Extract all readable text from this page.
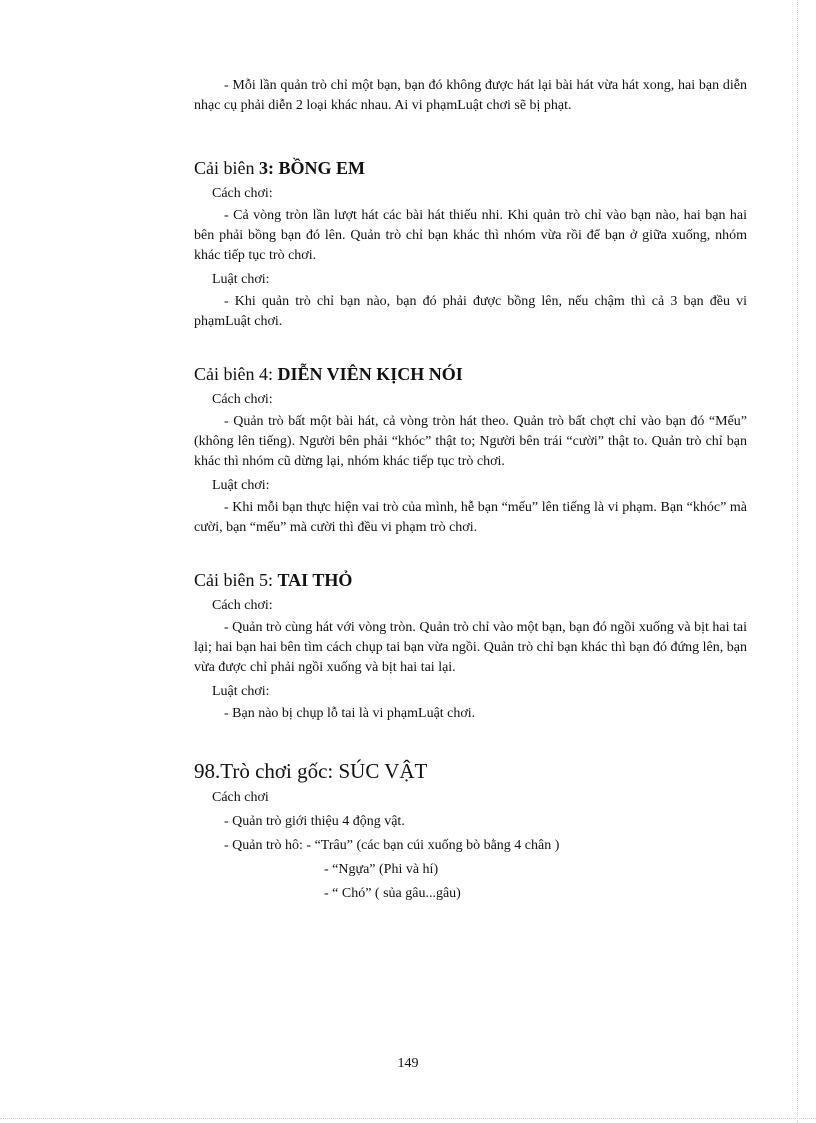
- Mỗi lần quản trò chỉ một bạn, bạn đó không được hát lại bài hát vừa hát xong, hai bạn diễn nhạc cụ phải diễn 2 loại khác nhau. Ai vi phạmLuật chơi sẽ bị phạt.

Cải biên 3: BỒNG EM
Cách chơi:

- Cả vòng tròn lần lượt hát các bài hát thiếu nhi. Khi quản trò chỉ vào bạn nào, hai bạn hai bên phải bồng bạn đó lên. Quản trò chỉ bạn khác thì nhóm vừa rồi để bạn ở giữa xuống, nhóm khác tiếp tục trò chơi.

Luật chơi:

- Khi quản trò chỉ bạn nào, bạn đó phải được bồng lên, nếu chậm thì cả 3 bạn đều vi phạmLuật chơi.

Cải biên 4: DIỄN VIÊN KỊCH NÓI
Cách chơi:

- Quản trò bất một bài hát, cả vòng tròn hát theo. Quản trò bất chợt chỉ vào bạn đó “Mếu” (không lên tiếng). Người bên phải “khóc” thật to; Người bên trái “cười” thật to. Quản trò chỉ bạn khác thì nhóm cũ dừng lại, nhóm khác tiếp tục trò chơi.

Luật chơi:

- Khi mỗi bạn thực hiện vai trò của mình, hễ bạn “mếu” lên tiếng là vi phạm. Bạn “khóc” mà cười, bạn “mếu” mà cười thì đều vi phạm trò chơi.

Cải biên 5: TAI THỎ
Cách chơi:

- Quản trò cùng hát với vòng tròn. Quản trò chỉ vào một bạn, bạn đó ngồi xuống và bịt hai tai lại; hai bạn hai bên tìm cách chụp tai bạn vừa ngồi. Quản trò chỉ bạn khác thì bạn đó đứng lên, bạn vừa được chỉ phải ngồi xuống và bịt hai tai lại.

Luật chơi:

- Bạn nào bị chụp lỗ tai là vi phạmLuật chơi.

98.Trò chơi gốc: SÚC VẬT
Cách chơi
- Quản trò giới thiệu 4 động vật.
- Quản trò hô: - “Trâu” (các bạn cúi xuống bò bằng 4 chân )
- “Ngựa” (Phi và hí)
- “ Chó” ( sủa gâu...gâu)
149
